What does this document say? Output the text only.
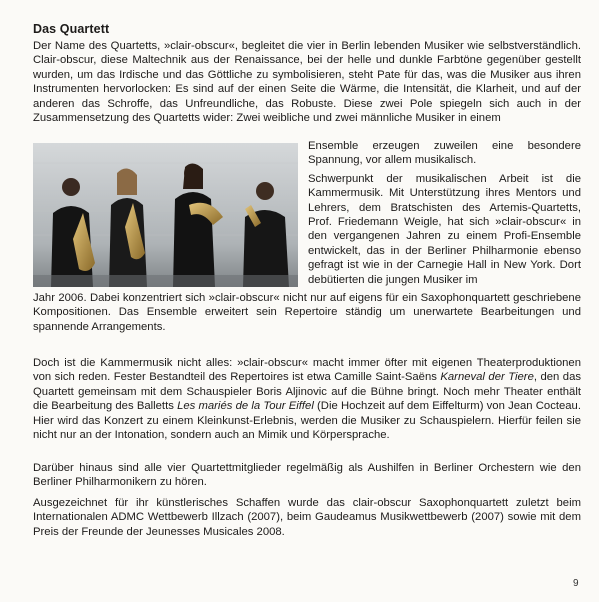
Das Quartett

Der Name des Quartetts, »clair-obscur«, begleitet die vier in Berlin lebenden Musiker wie selbstverständlich. Clair-obscur, diese Maltechnik aus der Renaissance, bei der helle und dunkle Farbtöne gegenüber gestellt wurden, um das Irdische und das Göttliche zu symbolisieren, steht Pate für das, was die Musiker aus ihren Instrumenten hervorlocken: Es sind auf der einen Seite die Wärme, die Intensität, die Klarheit, und auf der anderen das Schroffe, das Unfreundliche, das Robuste. Diese zwei Pole spiegeln sich auch in der Zusammensetzung des Quartetts wider: Zwei weibliche und zwei männliche Musiker in einem

Ensemble erzeugen zuweilen eine besondere Spannung, vor allem musikalisch.
Schwerpunkt der musikalischen Arbeit ist die Kammermusik. Mit Unterstützung ihres Mentors und Lehrers, dem Bratschisten des Artemis-Quartetts, Prof. Friedemann Weigle, hat sich »clair-obscur« in den vergangenen Jahren zu einem Profi-Ensemble entwickelt, das in der Berliner Philharmonie ebenso gefragt ist wie in der Carnegie Hall in New York. Dort debütierten die jungen Musiker im

Jahr 2006. Dabei konzentriert sich »clair-obscur« nicht nur auf eigens für ein Saxophonquartett geschriebene Kompositionen. Das Ensemble erweitert sein Repertoire ständig um unerwartete Bearbeitungen und spannende Arrangements.

Doch ist die Kammermusik nicht alles: »clair-obscur« macht immer öfter mit eigenen Theaterproduktionen von sich reden. Fester Bestandteil des Repertoires ist etwa Camille Saint-Saëns Karneval der Tiere, den das Quartett gemeinsam mit dem Schauspieler Boris Aljinovic auf die Bühne bringt. Noch mehr Theater enthält die Bearbeitung des Balletts Les mariés de la Tour Eiffel (Die Hochzeit auf dem Eiffelturm) von Jean Cocteau. Hier wird das Konzert zu einem Kleinkunst-Erlebnis, werden die Musiker zu Schauspielern. Hierfür feilen sie nicht nur an der Intonation, sondern auch an Mimik und Körpersprache.

Darüber hinaus sind alle vier Quartettmitglieder regelmäßig als Aushilfen in Berliner Orchestern wie den Berliner Philharmonikern zu hören.

Ausgezeichnet für ihr künstlerisches Schaffen wurde das clair-obscur Saxophonquartett zuletzt beim Internationalen ADMC Wettbewerb Illzach (2007), beim Gaudeamus Musikwettbewerb (2007) sowie mit dem Preis der Freunde der Jeunesses Musicales 2008.

9
